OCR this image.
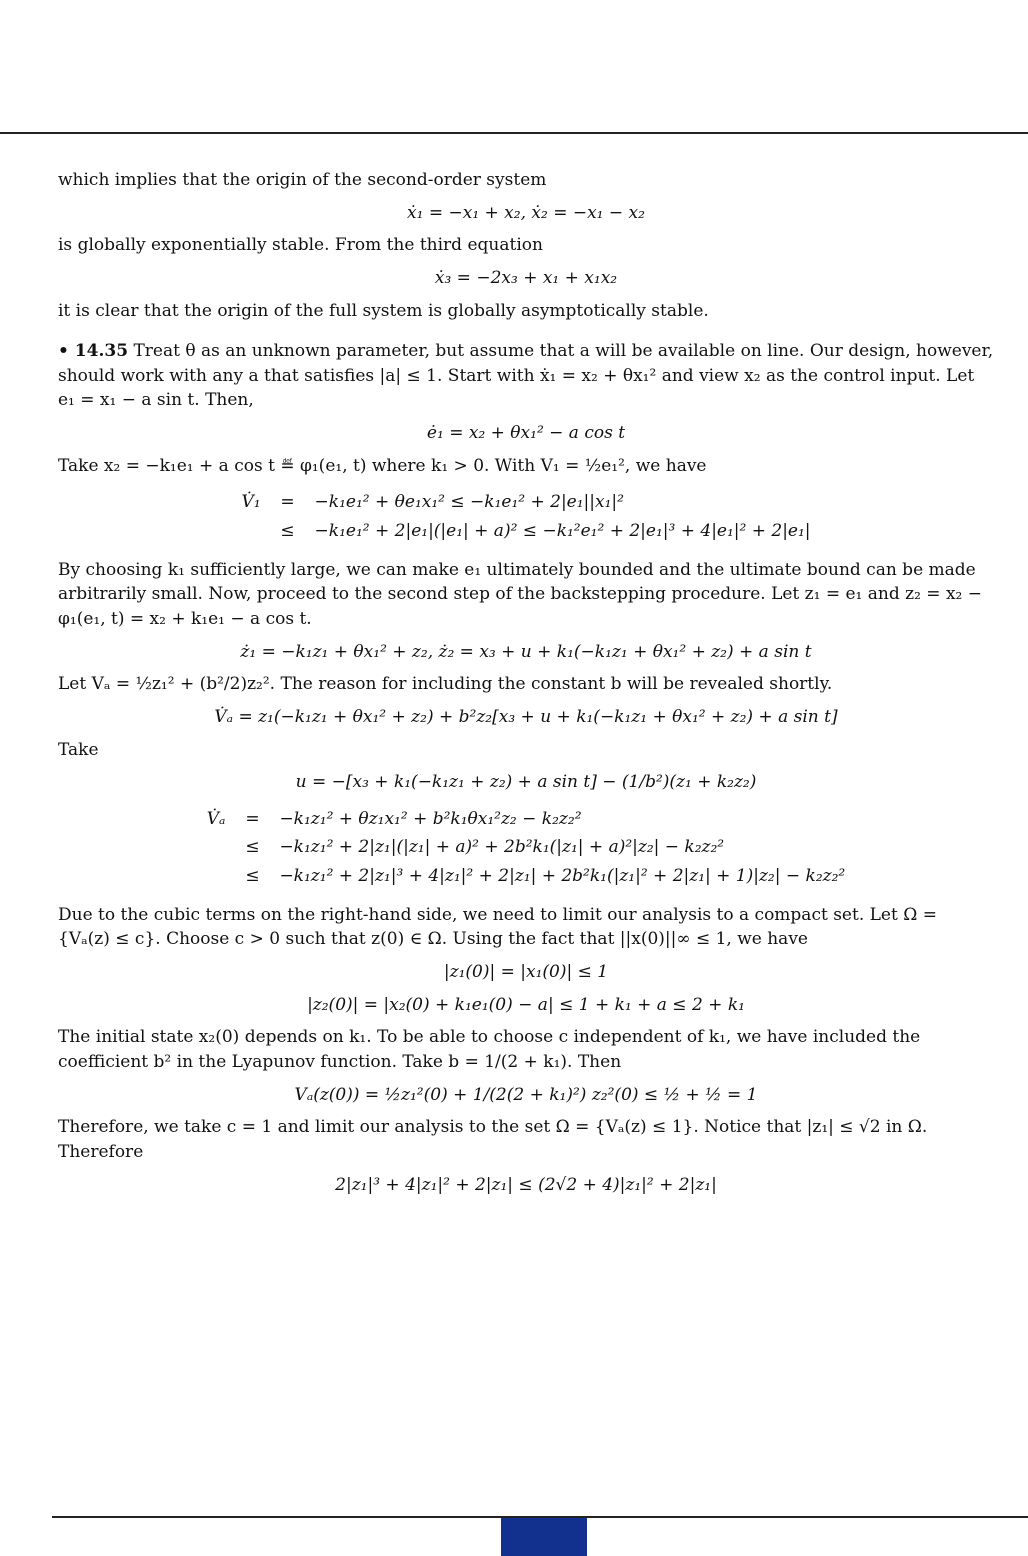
which implies that the origin of the second-order system

ẋ₁ = −x₁ + x₂, ẋ₂ = −x₁ − x₂

is globally exponentially stable. From the third equation

ẋ₃ = −2x₃ + x₁ + x₁x₂

it is clear that the origin of the full system is globally asymptotically stable.

• 14.35 Treat θ as an unknown parameter, but assume that a will be available on line. Our design, however, should work with any a that satisfies |a| ≤ 1. Start with ẋ₁ = x₂ + θx₁² and view x₂ as the control input. Let e₁ = x₁ − a sin t. Then,

ė₁ = x₂ + θx₁² − a cos t

Take x₂ = −k₁e₁ + a cos t ≝ φ₁(e₁, t) where k₁ > 0. With V₁ = ½e₁², we have

V̇₁	=	−k₁e₁² + θe₁x₁² ≤ −k₁e₁² + 2|e₁||x₁|²
	≤	−k₁e₁² + 2|e₁|(|e₁| + a)² ≤ −k₁²e₁² + 2|e₁|³ + 4|e₁|² + 2|e₁|

By choosing k₁ sufficiently large, we can make e₁ ultimately bounded and the ultimate bound can be made arbitrarily small. Now, proceed to the second step of the backstepping procedure. Let z₁ = e₁ and z₂ = x₂ − φ₁(e₁, t) = x₂ + k₁e₁ − a cos t.

ż₁ = −k₁z₁ + θx₁² + z₂, ż₂ = x₃ + u + k₁(−k₁z₁ + θx₁² + z₂) + a sin t

Let Vₐ = ½z₁² + (b²/2)z₂². The reason for including the constant b will be revealed shortly.

V̇ₐ = z₁(−k₁z₁ + θx₁² + z₂) + b²z₂[x₃ + u + k₁(−k₁z₁ + θx₁² + z₂) + a sin t]

Take

u = −[x₃ + k₁(−k₁z₁ + z₂) + a sin t] − (1/b²)(z₁ + k₂z₂)
V̇ₐ	=	−k₁z₁² + θz₁x₁² + b²k₁θx₁²z₂ − k₂z₂²
	≤	−k₁z₁² + 2|z₁|(|z₁| + a)² + 2b²k₁(|z₁| + a)²|z₂| − k₂z₂²
	≤	−k₁z₁² + 2|z₁|³ + 4|z₁|² + 2|z₁| + 2b²k₁(|z₁|² + 2|z₁| + 1)|z₂| − k₂z₂²

Due to the cubic terms on the right-hand side, we need to limit our analysis to a compact set. Let Ω = {Vₐ(z) ≤ c}. Choose c > 0 such that z(0) ∈ Ω. Using the fact that ||x(0)||∞ ≤ 1, we have

|z₁(0)| = |x₁(0)| ≤ 1
|z₂(0)| = |x₂(0) + k₁e₁(0) − a| ≤ 1 + k₁ + a ≤ 2 + k₁

The initial state x₂(0) depends on k₁. To be able to choose c independent of k₁, we have included the coefficient b² in the Lyapunov function. Take b = 1/(2 + k₁). Then

Vₐ(z(0)) = ½z₁²(0) + 1/(2(2 + k₁)²) z₂²(0) ≤ ½ + ½ = 1

Therefore, we take c = 1 and limit our analysis to the set Ω = {Vₐ(z) ≤ 1}. Notice that |z₁| ≤ √2 in Ω. Therefore

2|z₁|³ + 4|z₁|² + 2|z₁| ≤ (2√2 + 4)|z₁|² + 2|z₁|
